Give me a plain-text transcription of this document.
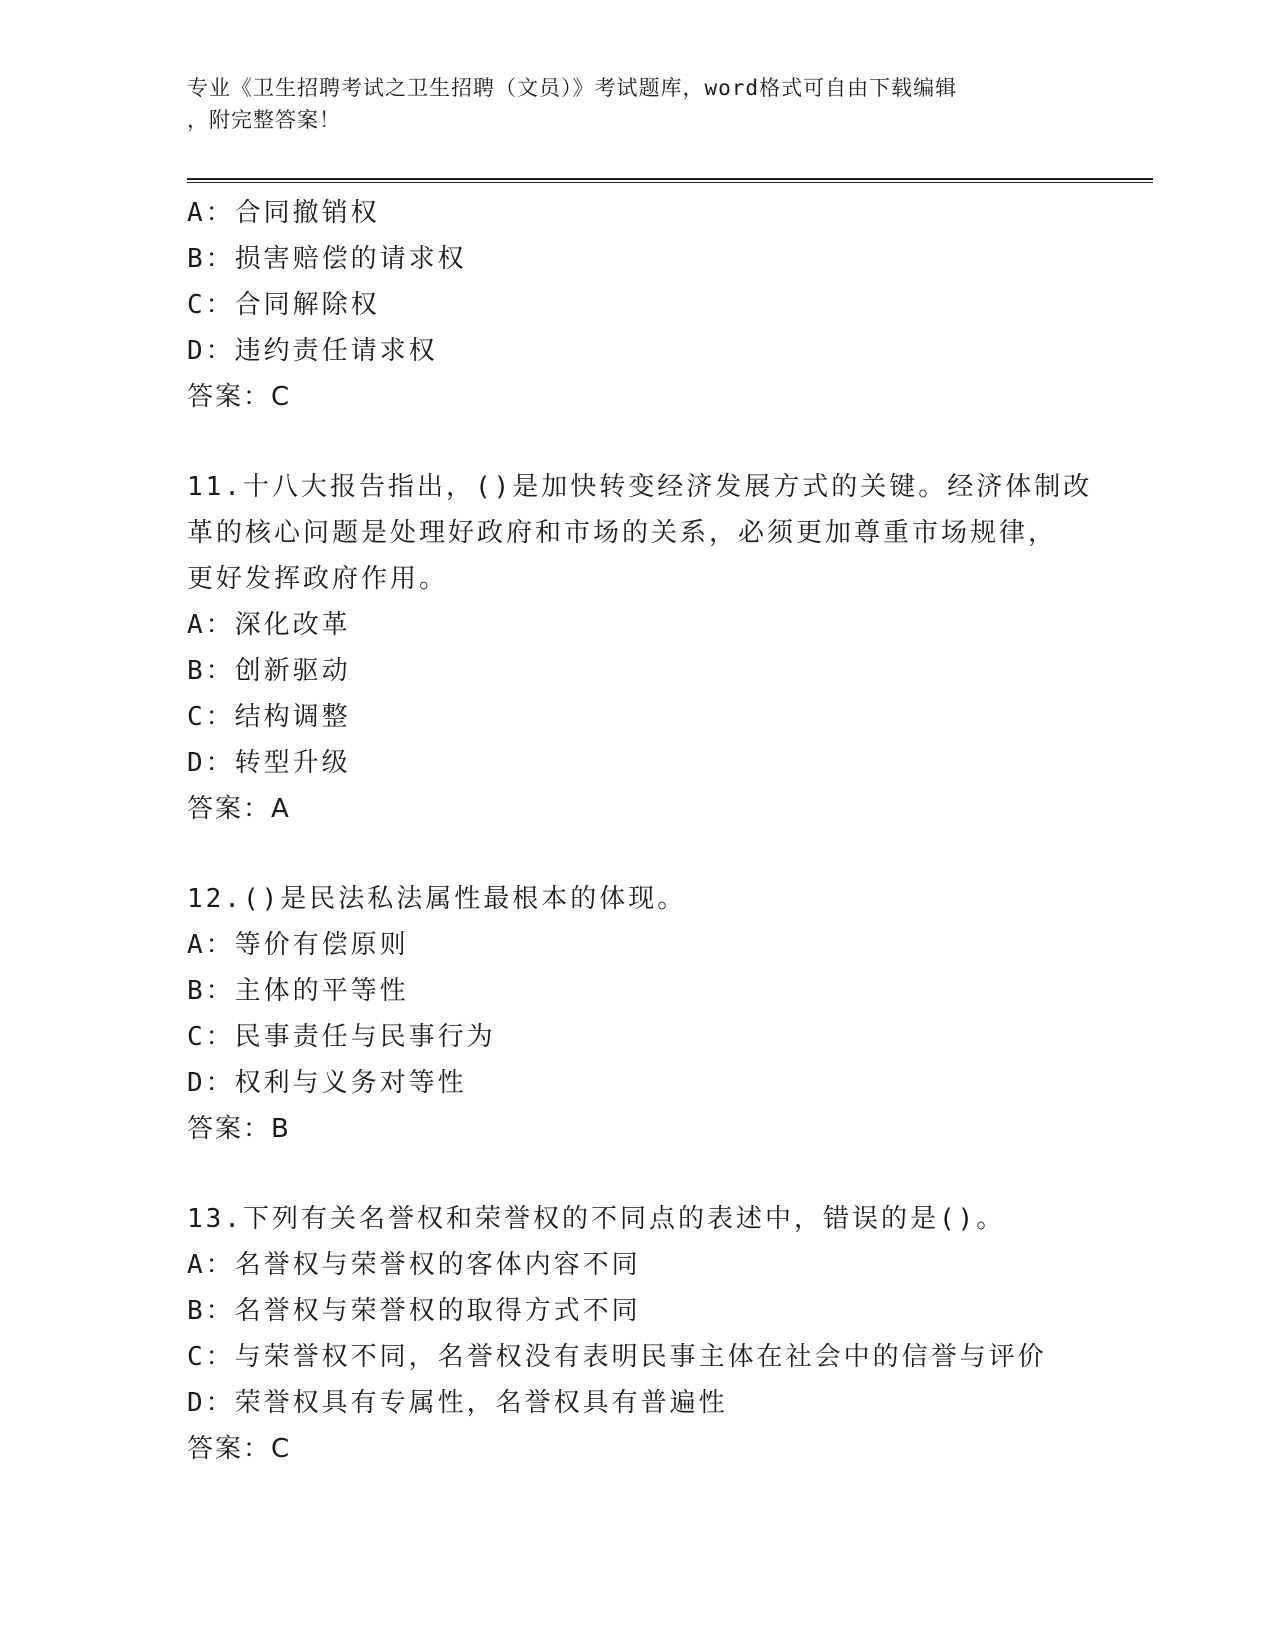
专业《卫生招聘考试之卫生招聘（文员）》考试题库，word格式可自由下载编辑
，附完整答案！
A：合同撤销权
B：损害赔偿的请求权
C：合同解除权
D：违约责任请求权
答案：C
11.十八大报告指出，()是加快转变经济发展方式的关键。经济体制改
革的核心问题是处理好政府和市场的关系，必须更加尊重市场规律，
更好发挥政府作用。
A：深化改革
B：创新驱动
C：结构调整
D：转型升级
答案：A
12.()是民法私法属性最根本的体现。
A：等价有偿原则
B：主体的平等性
C：民事责任与民事行为
D：权利与义务对等性
答案：B
13.下列有关名誉权和荣誉权的不同点的表述中，错误的是()。
A：名誉权与荣誉权的客体内容不同
B：名誉权与荣誉权的取得方式不同
C：与荣誉权不同，名誉权没有表明民事主体在社会中的信誉与评价
D：荣誉权具有专属性，名誉权具有普遍性
答案：C
